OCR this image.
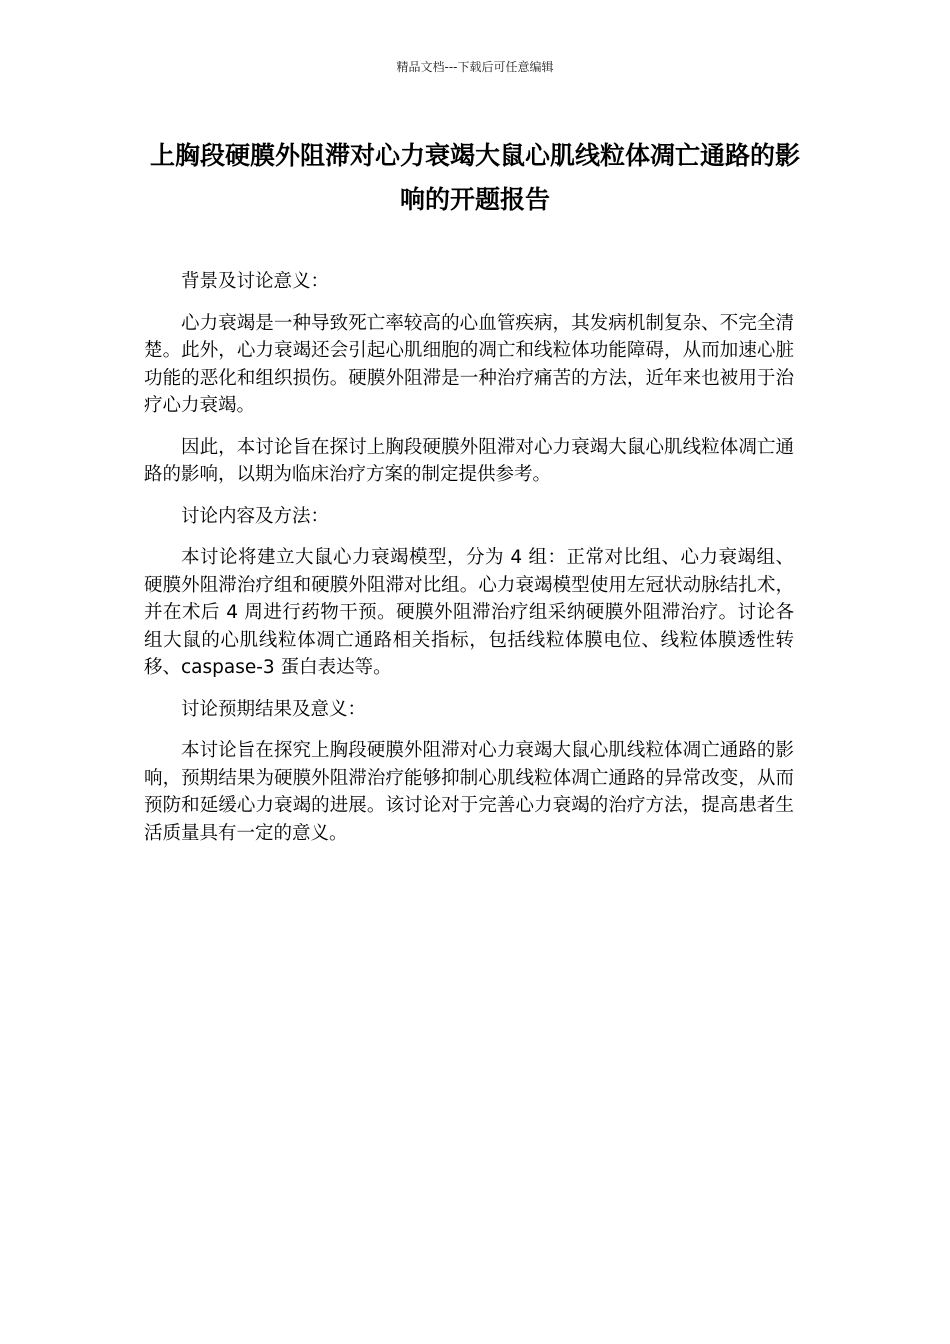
精品文档---下载后可任意编辑
上胸段硬膜外阻滞对心力衰竭大鼠心肌线粒体凋亡通路的影响的开题报告

背景及讨论意义：

心力衰竭是一种导致死亡率较高的心血管疾病，其发病机制复杂、不完全清楚。此外，心力衰竭还会引起心肌细胞的凋亡和线粒体功能障碍，从而加速心脏功能的恶化和组织损伤。硬膜外阻滞是一种治疗痛苦的方法，近年来也被用于治疗心力衰竭。

因此，本讨论旨在探讨上胸段硬膜外阻滞对心力衰竭大鼠心肌线粒体凋亡通路的影响，以期为临床治疗方案的制定提供参考。

讨论内容及方法：

本讨论将建立大鼠心力衰竭模型，分为 4 组：正常对比组、心力衰竭组、硬膜外阻滞治疗组和硬膜外阻滞对比组。心力衰竭模型使用左冠状动脉结扎术，并在术后 4 周进行药物干预。硬膜外阻滞治疗组采纳硬膜外阻滞治疗。讨论各组大鼠的心肌线粒体凋亡通路相关指标，包括线粒体膜电位、线粒体膜透性转移、caspase-3 蛋白表达等。

讨论预期结果及意义：

本讨论旨在探究上胸段硬膜外阻滞对心力衰竭大鼠心肌线粒体凋亡通路的影响，预期结果为硬膜外阻滞治疗能够抑制心肌线粒体凋亡通路的异常改变，从而预防和延缓心力衰竭的进展。该讨论对于完善心力衰竭的治疗方法，提高患者生活质量具有一定的意义。
